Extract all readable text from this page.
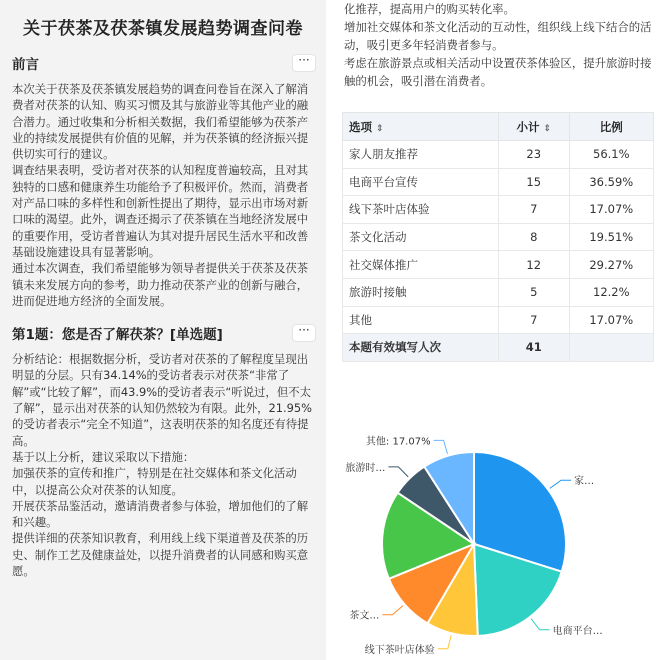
关于茯茶及茯茶镇发展趋势调查问卷
前言	···
本次关于茯茶及茯茶镇发展趋势的调查问卷旨在深入了解消费者对茯茶的认知、购买习惯及其与旅游业等其他产业的融合潜力。通过收集和分析相关数据，我们希望能够为茯茶产业的持续发展提供有价值的见解，并为茯茶镇的经济振兴提供切实可行的建议。
调查结果表明，受访者对茯茶的认知程度普遍较高，且对其独特的口感和健康养生功能给予了积极评价。然而，消费者对产品口味的多样性和创新性提出了期待，显示出市场对新口味的渴望。此外，调查还揭示了茯茶镇在当地经济发展中的重要作用，受访者普遍认为其对提升居民生活水平和改善基础设施建设具有显著影响。
通过本次调查，我们希望能够为领导者提供关于茯茶及茯茶镇未来发展方向的参考，助力推动茯茶产业的创新与融合，进而促进地方经济的全面发展。
第1题：您是否了解茯茶？[单选题]	···
分析结论：根据数据分析，受访者对茯茶的了解程度呈现出明显的分层。只有34.14%的受访者表示对茯茶“非常了解”或“比较了解”，而43.9%的受访者表示“听说过，但不太了解”，显示出对茯茶的认知仍然较为有限。此外，21.95%的受访者表示“完全不知道”，这表明茯茶的知名度还有待提高。
基于以上分析，建议采取以下措施：
加强茯茶的宣传和推广，特别是在社交媒体和茶文化活动中，以提高公众对茯茶的认知度。
开展茯茶品鉴活动，邀请消费者参与体验，增加他们的了解和兴趣。
提供详细的茯茶知识教育，利用线上线下渠道普及茯茶的历史、制作工艺及健康益处，以提升消费者的认同感和购买意愿。
化推荐，提高用户的购买转化率。
增加社交媒体和茶文化活动的互动性，组织线上线下结合的活动，吸引更多年轻消费者参与。
考虑在旅游景点或相关活动中设置茯茶体验区，提升旅游时接触的机会，吸引潜在消费者。
选项 ⇕	小计 ⇕	比例
家人朋友推荐	23	56.1%
电商平台宣传	15	36.59%
线下茶叶店体验	7	17.07%
茶文化活动	8	19.51%
社交媒体推广	12	29.27%
旅游时接触	5	12.2%
其他	7	17.07%
本题有效填写人次	41	
家…
电商平台…
线下茶叶店体验
茶文…
旅游时…
其他: 17.07%
